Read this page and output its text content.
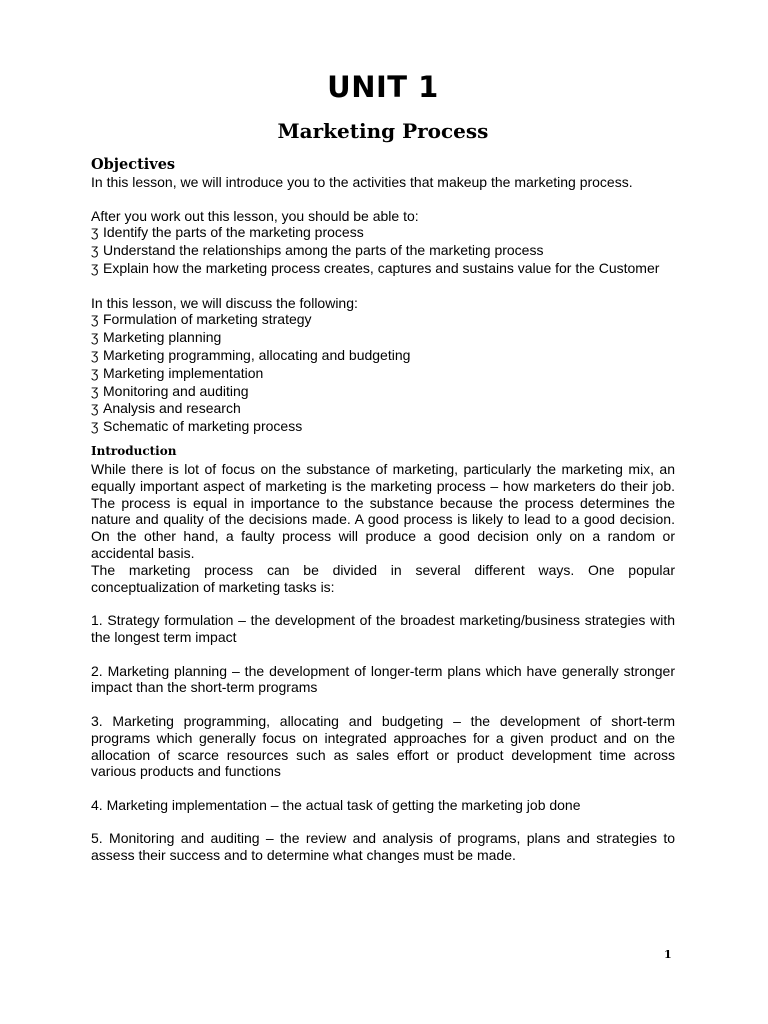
UNIT 1
Marketing Process
Objectives

In this lesson, we will introduce you to the activities that makeup the marketing process.

After you work out this lesson, you should be able to:

Ʒ Identify the parts of the marketing process
Ʒ Understand the relationships among the parts of the marketing process
Ʒ Explain how the marketing process creates, captures and sustains value for the Customer

In this lesson, we will discuss the following:

Ʒ Formulation of marketing strategy
Ʒ Marketing planning
Ʒ Marketing programming, allocating and budgeting
Ʒ Marketing implementation
Ʒ Monitoring and auditing
Ʒ Analysis and research
Ʒ Schematic of marketing process
Introduction

While there is lot of focus on the substance of marketing, particularly the marketing mix, an equally important aspect of marketing is the marketing process – how marketers do their job. The process is equal in importance to the substance because the process determines the nature and quality of the decisions made. A good process is likely to lead to a good decision. On the other hand, a faulty process will produce a good decision only on a random or accidental basis.

The marketing process can be divided in several different ways. One popular conceptualization of marketing tasks is:

1. Strategy formulation – the development of the broadest marketing/business strategies with the longest term impact

2. Marketing planning – the development of longer-term plans which have generally stronger impact than the short-term programs

3. Marketing programming, allocating and budgeting – the development of short-term programs which generally focus on integrated approaches for a given product and on the allocation of scarce resources such as sales effort or product development time across various products and functions

4. Marketing implementation – the actual task of getting the marketing job done

5. Monitoring and auditing – the review and analysis of programs, plans and strategies to assess their success and to determine what changes must be made.

1
